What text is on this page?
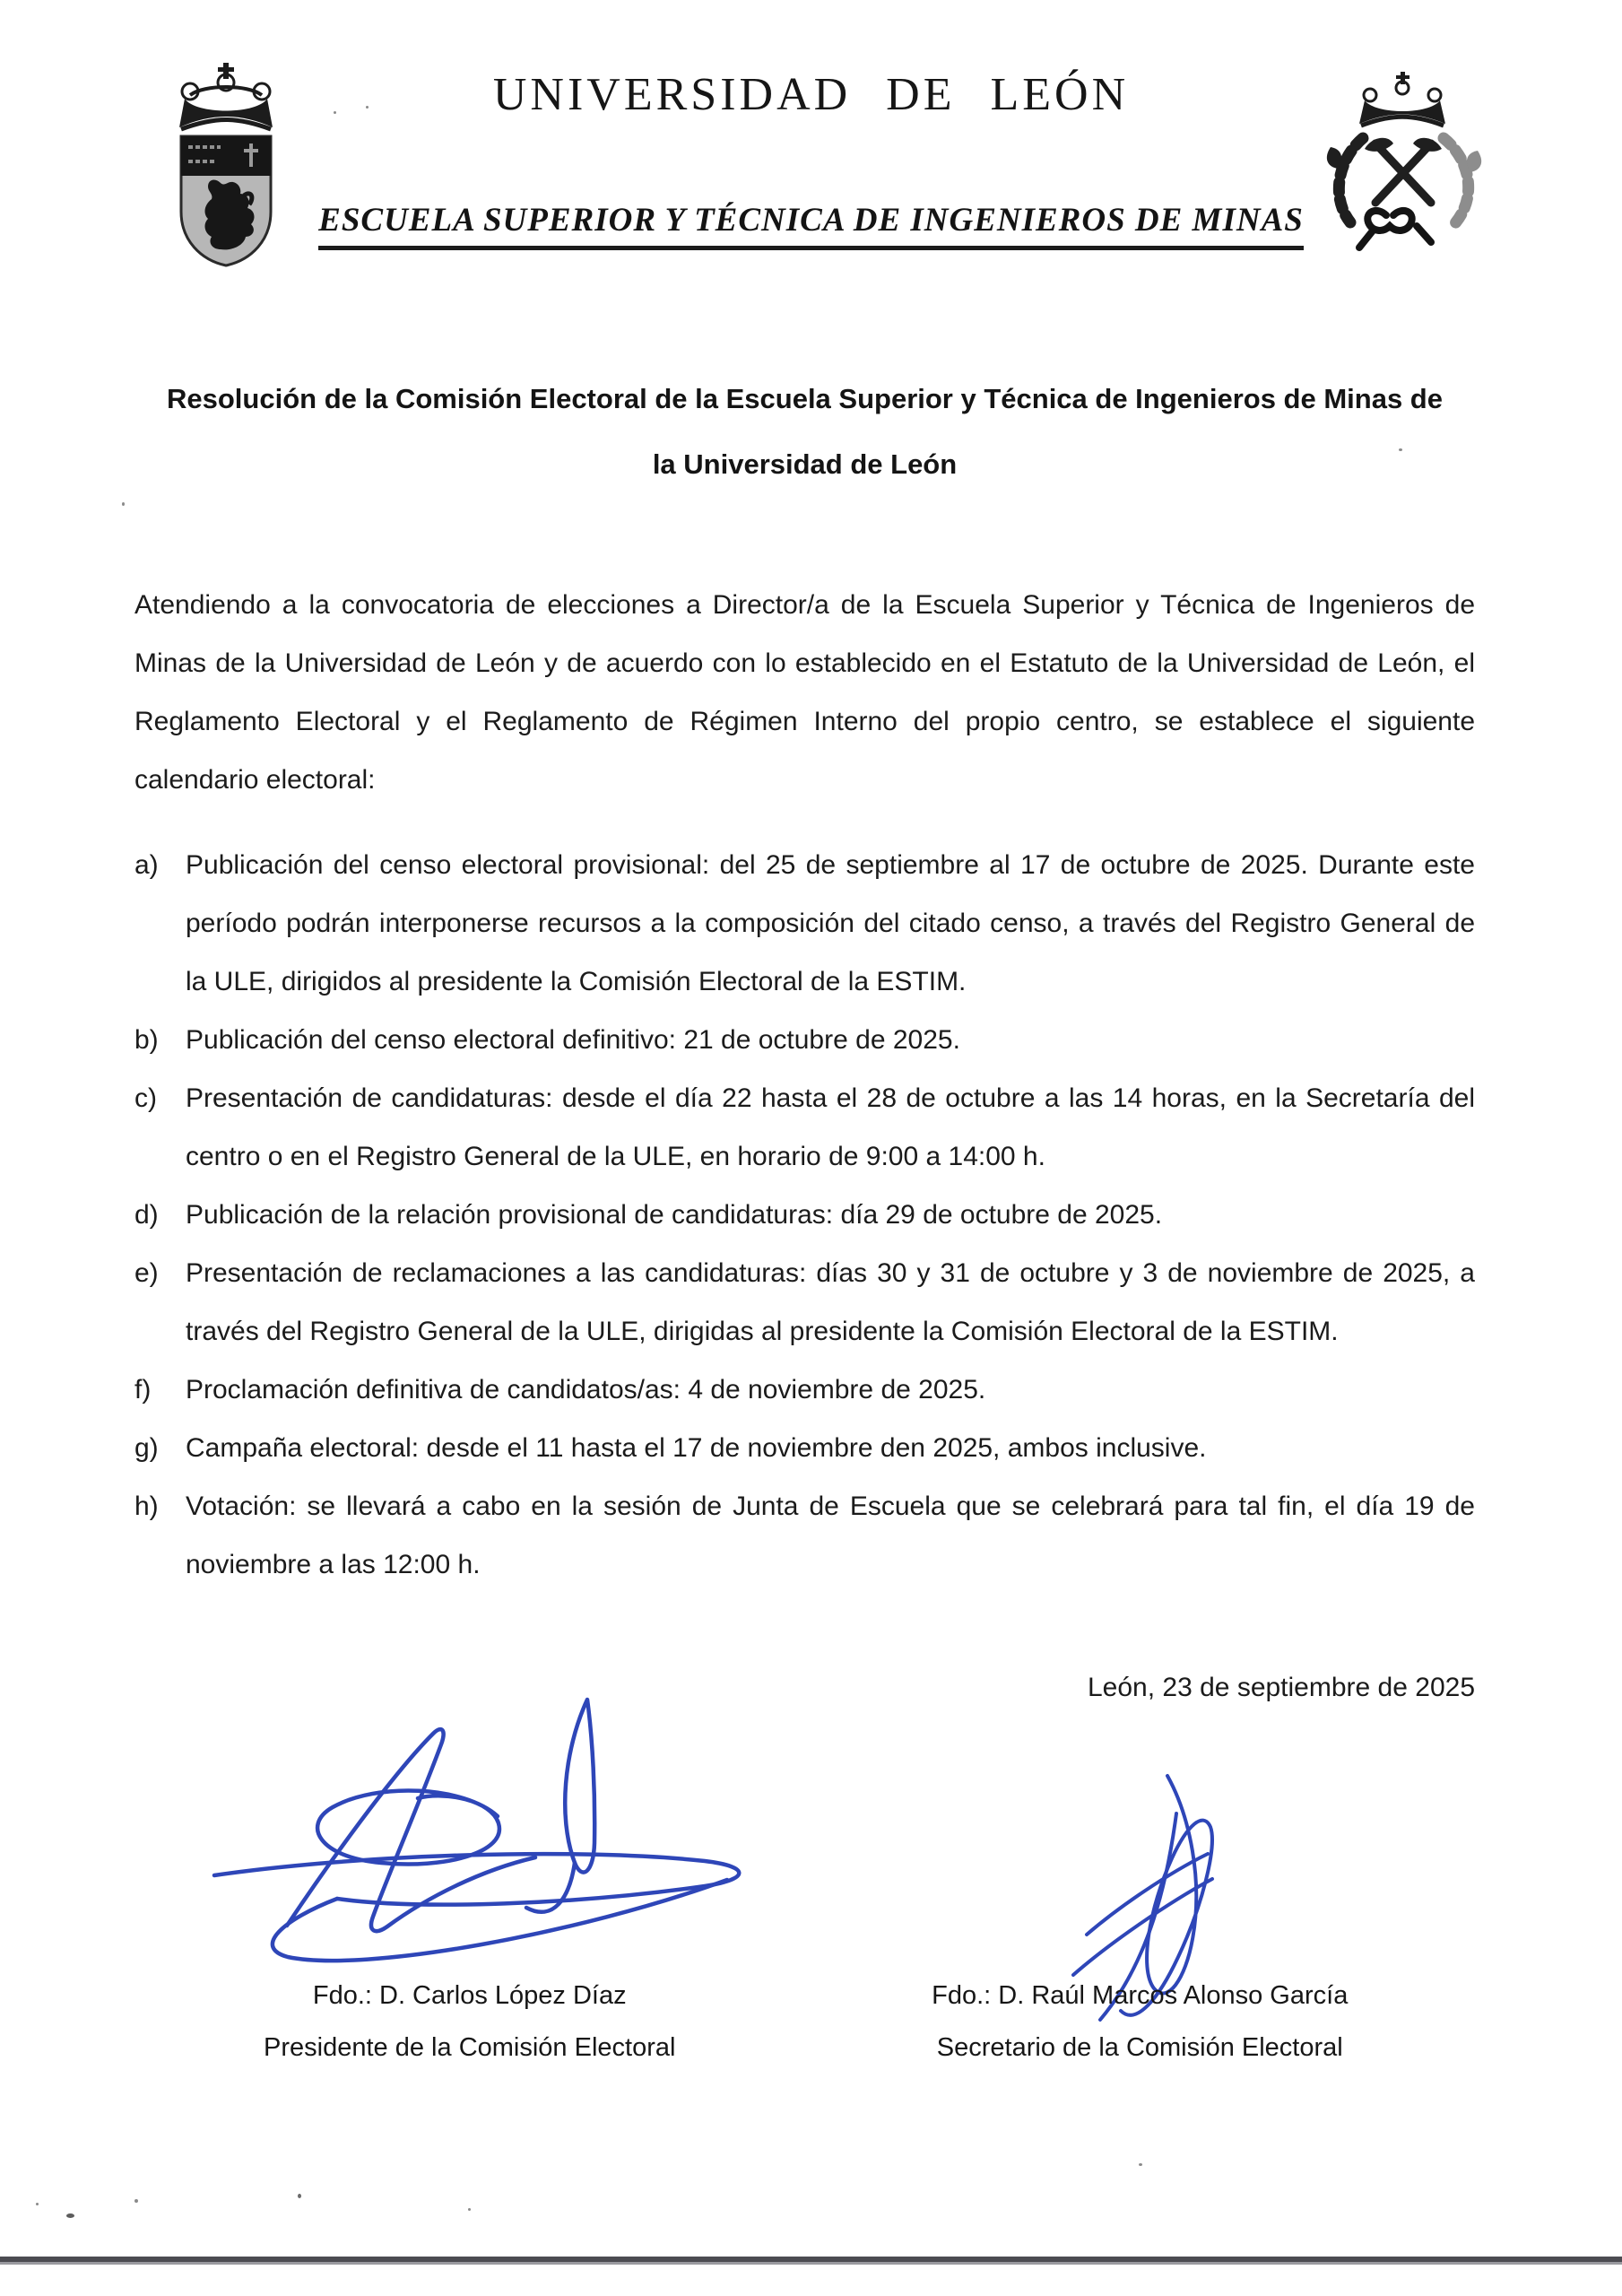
UNIVERSIDAD DE LEÓN
ESCUELA SUPERIOR Y TÉCNICA DE INGENIEROS DE MINAS
Resolución de la Comisión Electoral de la Escuela Superior y Técnica de Ingenieros de Minas de la Universidad de León

Atendiendo a la convocatoria de elecciones a Director/a de la Escuela Superior y Técnica de Ingenieros de Minas de la Universidad de León y de acuerdo con lo establecido en el Estatuto de la Universidad de León, el Reglamento Electoral y el Reglamento de Régimen Interno del propio centro, se establece el siguiente calendario electoral:

a) Publicación del censo electoral provisional: del 25 de septiembre al 17 de octubre de 2025. Durante este período podrán interponerse recursos a la composición del citado censo, a través del Registro General de la ULE, dirigidos al presidente la Comisión Electoral de la ESTIM.
b) Publicación del censo electoral definitivo: 21 de octubre de 2025.
c) Presentación de candidaturas: desde el día 22 hasta el 28 de octubre a las 14 horas, en la Secretaría del centro o en el Registro General de la ULE, en horario de 9:00 a 14:00 h.
d) Publicación de la relación provisional de candidaturas: día 29 de octubre de 2025.
e) Presentación de reclamaciones a las candidaturas: días 30 y 31 de octubre y 3 de noviembre de 2025, a través del Registro General de la ULE, dirigidas al presidente la Comisión Electoral de la ESTIM.
f) Proclamación definitiva de candidatos/as: 4 de noviembre de 2025.
g) Campaña electoral: desde el 11 hasta el 17 de noviembre den 2025, ambos inclusive.
h) Votación: se llevará a cabo en la sesión de Junta de Escuela que se celebrará para tal fin, el día 19 de noviembre a las 12:00 h.
León, 23 de septiembre de 2025
Fdo.: D. Carlos López Díaz
Presidente de la Comisión Electoral
Fdo.: D. Raúl Marcos Alonso García
Secretario de la Comisión Electoral
